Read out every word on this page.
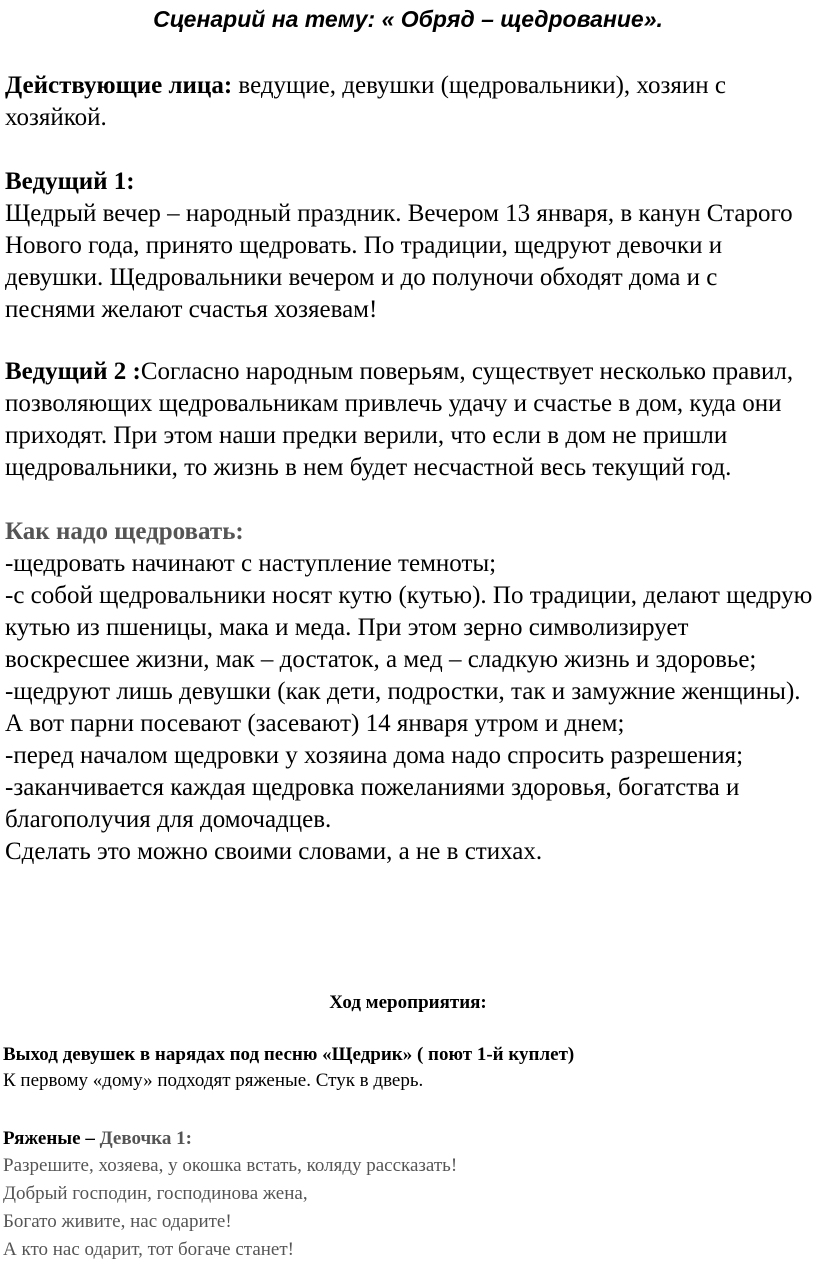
Сценарий на тему: « Обряд – щедрование».

Действующие лица: ведущие, девушки (щедровальники), хозяин с хозяйкой.

Ведущий 1:

Щедрый вечер – народный праздник. Вечером 13 января, в канун Старого Нового года, принято щедровать. По традиции, щедруют девочки и девушки. Щедровальники вечером и до полуночи обходят дома и с песнями желают счастья хозяевам!

Ведущий 2 :Согласно народным поверьям, существует несколько правил, позволяющих щедровальникам привлечь удачу и счастье в дом, куда они приходят. При этом наши предки верили, что если в дом не пришли щедровальники, то жизнь в нем будет несчастной весь текущий год.

Как надо щедровать:

-щедровать начинают с наступление темноты;

-с собой щедровальники носят кутю (кутью). По традиции, делают щедрую кутью из пшеницы, мака и меда. При этом зерно символизирует воскресшее жизни, мак – достаток, а мед – сладкую жизнь и здоровье;

-щедруют лишь девушки (как дети, подростки, так и замужние женщины). А вот парни посевают (засевают) 14 января утром и днем;

-перед началом щедровки у хозяина дома надо спросить разрешения;

-заканчивается каждая щедровка пожеланиями здоровья, богатства и благополучия для домочадцев.

Сделать это можно своими словами, а не в стихах.

Ход мероприятия:

Выход девушек в нарядах под песню «Щедрик» ( поют 1-й куплет)

К первому «дому» подходят ряженые. Стук в дверь.

Ряженые – Девочка 1:

Разрешите, хозяева, у окошка встать, коляду рассказать!

Добрый господин, господинова жена,

Богато живите, нас одарите!

А кто нас одарит, тот богаче станет!
